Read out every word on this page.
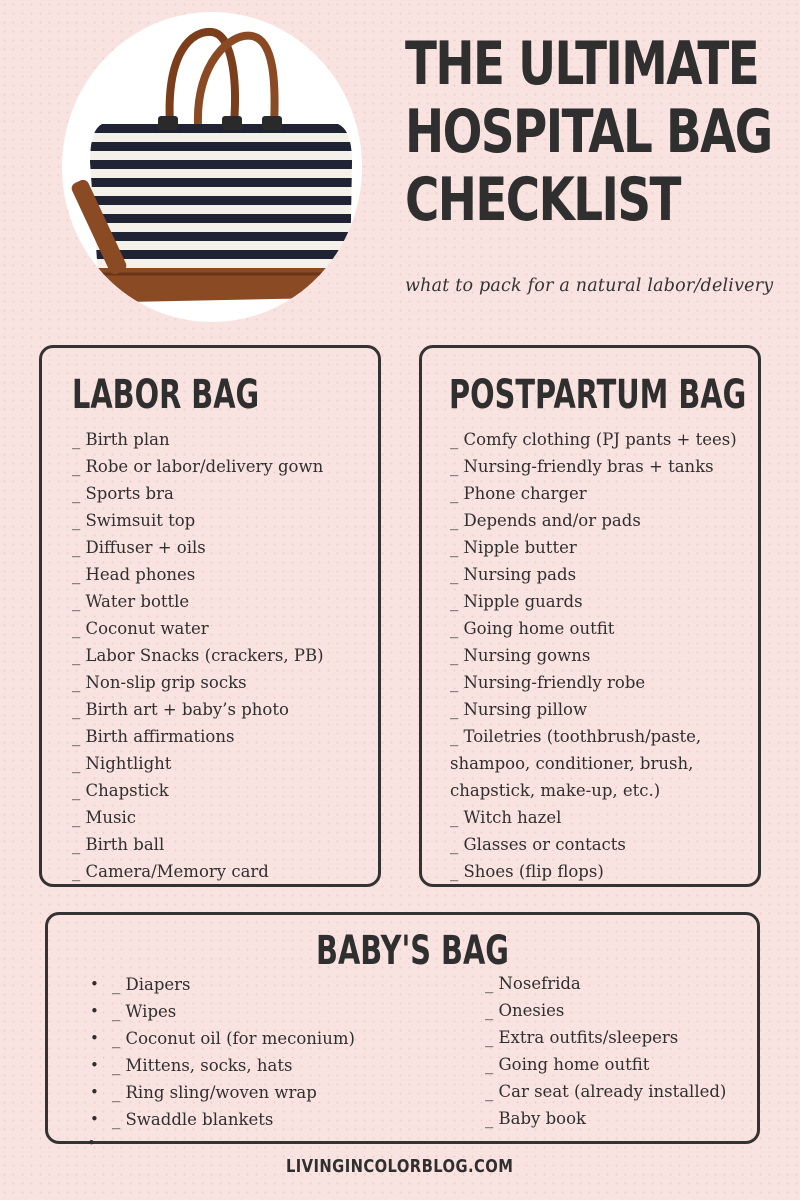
THE ULTIMATE
HOSPITAL BAG
CHECKLIST

what to pack for a natural labor/delivery

LABOR BAG
_ Birth plan
_ Robe or labor/delivery gown
_ Sports bra
_ Swimsuit top
_ Diffuser + oils
_ Head phones
_ Water bottle
_ Coconut water
_ Labor Snacks (crackers, PB)
_ Non-slip grip socks
_ Birth art + baby’s photo
_ Birth affirmations
_ Nightlight
_ Chapstick
_ Music
_ Birth ball
_ Camera/Memory card
POSTPARTUM BAG
_ Comfy clothing (PJ pants + tees)
_ Nursing-friendly bras + tanks
_ Phone charger
_ Depends and/or pads
_ Nipple butter
_ Nursing pads
_ Nipple guards
_ Going home outfit
_ Nursing gowns
_ Nursing-friendly robe
_ Nursing pillow
_ Toiletries (toothbrush/paste, shampoo, conditioner, brush, chapstick, make-up, etc.)
_ Witch hazel
_ Glasses or contacts
_ Shoes (flip flops)
BABY'S BAG
• _ Diapers
• _ Wipes
• _ Coconut oil (for meconium)
• _ Mittens, socks, hats
• _ Ring sling/woven wrap
• _ Swaddle blankets
_ Nosefrida
_ Onesies
_ Extra outfits/sleepers
_ Going home outfit
_ Car seat (already installed)
_ Baby book
•

LIVINGINCOLORBLOG.COM
